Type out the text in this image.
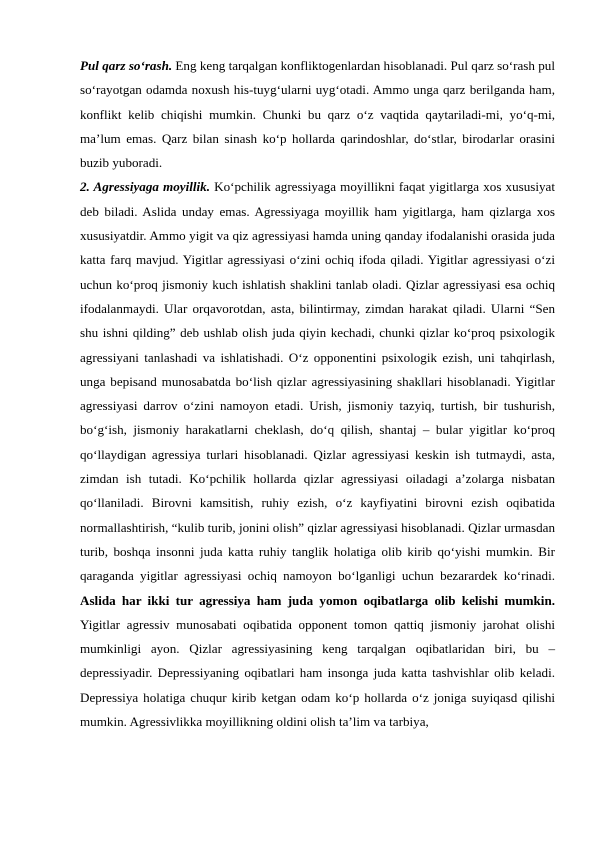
Pul qarz so‘rash. Eng keng tarqalgan konfliktogenlardan hisoblanadi. Pul qarz so‘rash pul so‘rayotgan odamda noxush his-tuyg‘ularni uyg‘otadi. Ammo unga qarz berilganda ham, konflikt kelib chiqishi mumkin. Chunki bu qarz o‘z vaqtida qaytariladi-mi, yo‘q-mi, ma’lum emas. Qarz bilan sinash ko‘p hollarda qarindoshlar, do‘stlar, birodarlar orasini buzib yuboradi.

2. Agressiyaga moyillik. Ko‘pchilik agressiyaga moyillikni faqat yigitlarga xos xususiyat deb biladi. Aslida unday emas. Agressiyaga moyillik ham yigitlarga, ham qizlarga xos xususiyatdir. Ammo yigit va qiz agressiyasi hamda uning qanday ifodalanishi orasida juda katta farq mavjud. Yigitlar agressiyasi o‘zini ochiq ifoda qiladi. Yigitlar agressiyasi o‘zi uchun ko‘proq jismoniy kuch ishlatish shaklini tanlab oladi. Qizlar agressiyasi esa ochiq ifodalanmaydi. Ular orqavorotdan, asta, bilintirmay, zimdan harakat qiladi. Ularni “Sen shu ishni qilding” deb ushlab olish juda qiyin kechadi, chunki qizlar ko‘proq psixologik agressiyani tanlashadi va ishlatishadi. O‘z opponentini psixologik ezish, uni tahqirlash, unga bepisand munosabatda bo‘lish qizlar agressiyasining shakllari hisoblanadi. Yigitlar agressiyasi darrov o‘zini namoyon etadi. Urish, jismoniy tazyiq, turtish, bir tushurish, bo‘g‘ish, jismoniy harakatlarni cheklash, do‘q qilish, shantaj – bular yigitlar ko‘proq qo‘llaydigan agressiya turlari hisoblanadi. Qizlar agressiyasi keskin ish tutmaydi, asta, zimdan ish tutadi. Ko‘pchilik hollarda qizlar agressiyasi oiladagi a’zolarga nisbatan qo‘llaniladi. Birovni kamsitish, ruhiy ezish, o‘z kayfiyatini birovni ezish oqibatida normallashtirish, “kulib turib, jonini olish” qizlar agressiyasi hisoblanadi. Qizlar urmasdan turib, boshqa insonni juda katta ruhiy tanglik holatiga olib kirib qo‘yishi mumkin. Bir qaraganda yigitlar agressiyasi ochiq namoyon bo‘lganligi uchun bezarardek ko‘rinadi. Aslida har ikki tur agressiya ham juda yomon oqibatlarga olib kelishi mumkin. Yigitlar agressiv munosabati oqibatida opponent tomon qattiq jismoniy jarohat olishi mumkinligi ayon. Qizlar agressiyasining keng tarqalgan oqibatlaridan biri, bu – depressiyadir. Depressiyaning oqibatlari ham insonga juda katta tashvishlar olib keladi. Depressiya holatiga chuqur kirib ketgan odam ko‘p hollarda o‘z joniga suyiqasd qilishi mumkin. Agressivlikka moyillikning oldini olish ta’lim va tarbiya,
